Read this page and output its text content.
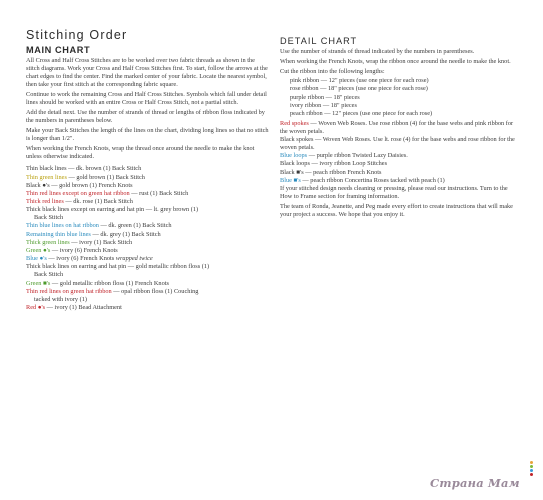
Stitching Order
MAIN CHART

All Cross and Half Cross Stitches are to be worked over two fabric threads as shown in the stitch diagrams. Work your Cross and Half Cross Stitches first. To start, follow the arrows at the chart edges to find the center. Find the marked center of your fabric. Locate the nearest symbol, then take your first stitch at the corresponding fabric square.

Continue to work the remaining Cross and Half Cross Stitches. Symbols which fall under detail lines should be worked with an entire Cross or Half Cross Stitch, not a partial stitch.

Add the detail next. Use the number of strands of thread or lengths of ribbon floss indicated by the numbers in parentheses below.

Make your Back Stitches the length of the lines on the chart, dividing long lines so that no stitch is longer than 1/2".

When working the French Knots, wrap the thread once around the needle to make the knot unless otherwise indicated.

Thin black lines — dk. brown (1) Back Stitch
Thin green lines — gold brown (1) Back Stitch
Black ●'s — gold brown (1) French Knots
Thin red lines except on green hat ribbon — rust (1) Back Stitch
Thick red lines — dk. rose (1) Back Stitch
Thick black lines except on earring and hat pin — lt. grey brown (1)
Back Stitch
Thin blue lines on hat ribbon — dk. green (1) Back Stitch
Remaining thin blue lines — dk. grey (1) Back Stitch
Thick green lines — ivory (1) Back Stitch
Green ●'s — ivory (6) French Knots
Blue ●'s — ivory (6) French Knots wrapped twice
Thick black lines on earring and hat pin — gold metallic ribbon floss (1)
Back Stitch
Green ■'s — gold metallic ribbon floss (1) French Knots
Thin red lines on green hat ribbon — opal ribbon floss (1) Couching
tacked with ivory (1)
Red ●'s — ivory (1) Bead Attachment
DETAIL CHART

Use the number of strands of thread indicated by the numbers in parentheses.

When working the French Knots, wrap the ribbon once around the needle to make the knot.

Cut the ribbon into the following lengths:

pink ribbon — 12" pieces (use one piece for each rose)
rose ribbon — 18" pieces (use one piece for each rose)
purple ribbon — 18" pieces
ivory ribbon — 18" pieces
peach ribbon — 12" pieces (use one piece for each rose)
Red spokes — Woven Web Roses. Use rose ribbon (4) for the base webs and pink ribbon for the woven petals.
Black spokes — Woven Web Roses. Use lt. rose (4) for the base webs and rose ribbon for the woven petals.
Blue loops — purple ribbon Twisted Lazy Daisies.
Black loops — ivory ribbon Loop Stitches
Black ■'s — peach ribbon French Knots
Blue ■'s — peach ribbon Concertina Roses tacked with peach (1)

If your stitched design needs cleaning or pressing, please read our instructions. Turn to the How to Frame section for framing information.

The team of Ronda, Jeanette, and Peg made every effort to create instructions that will make your project a success. We hope that you enjoy it.

Страна Мам
